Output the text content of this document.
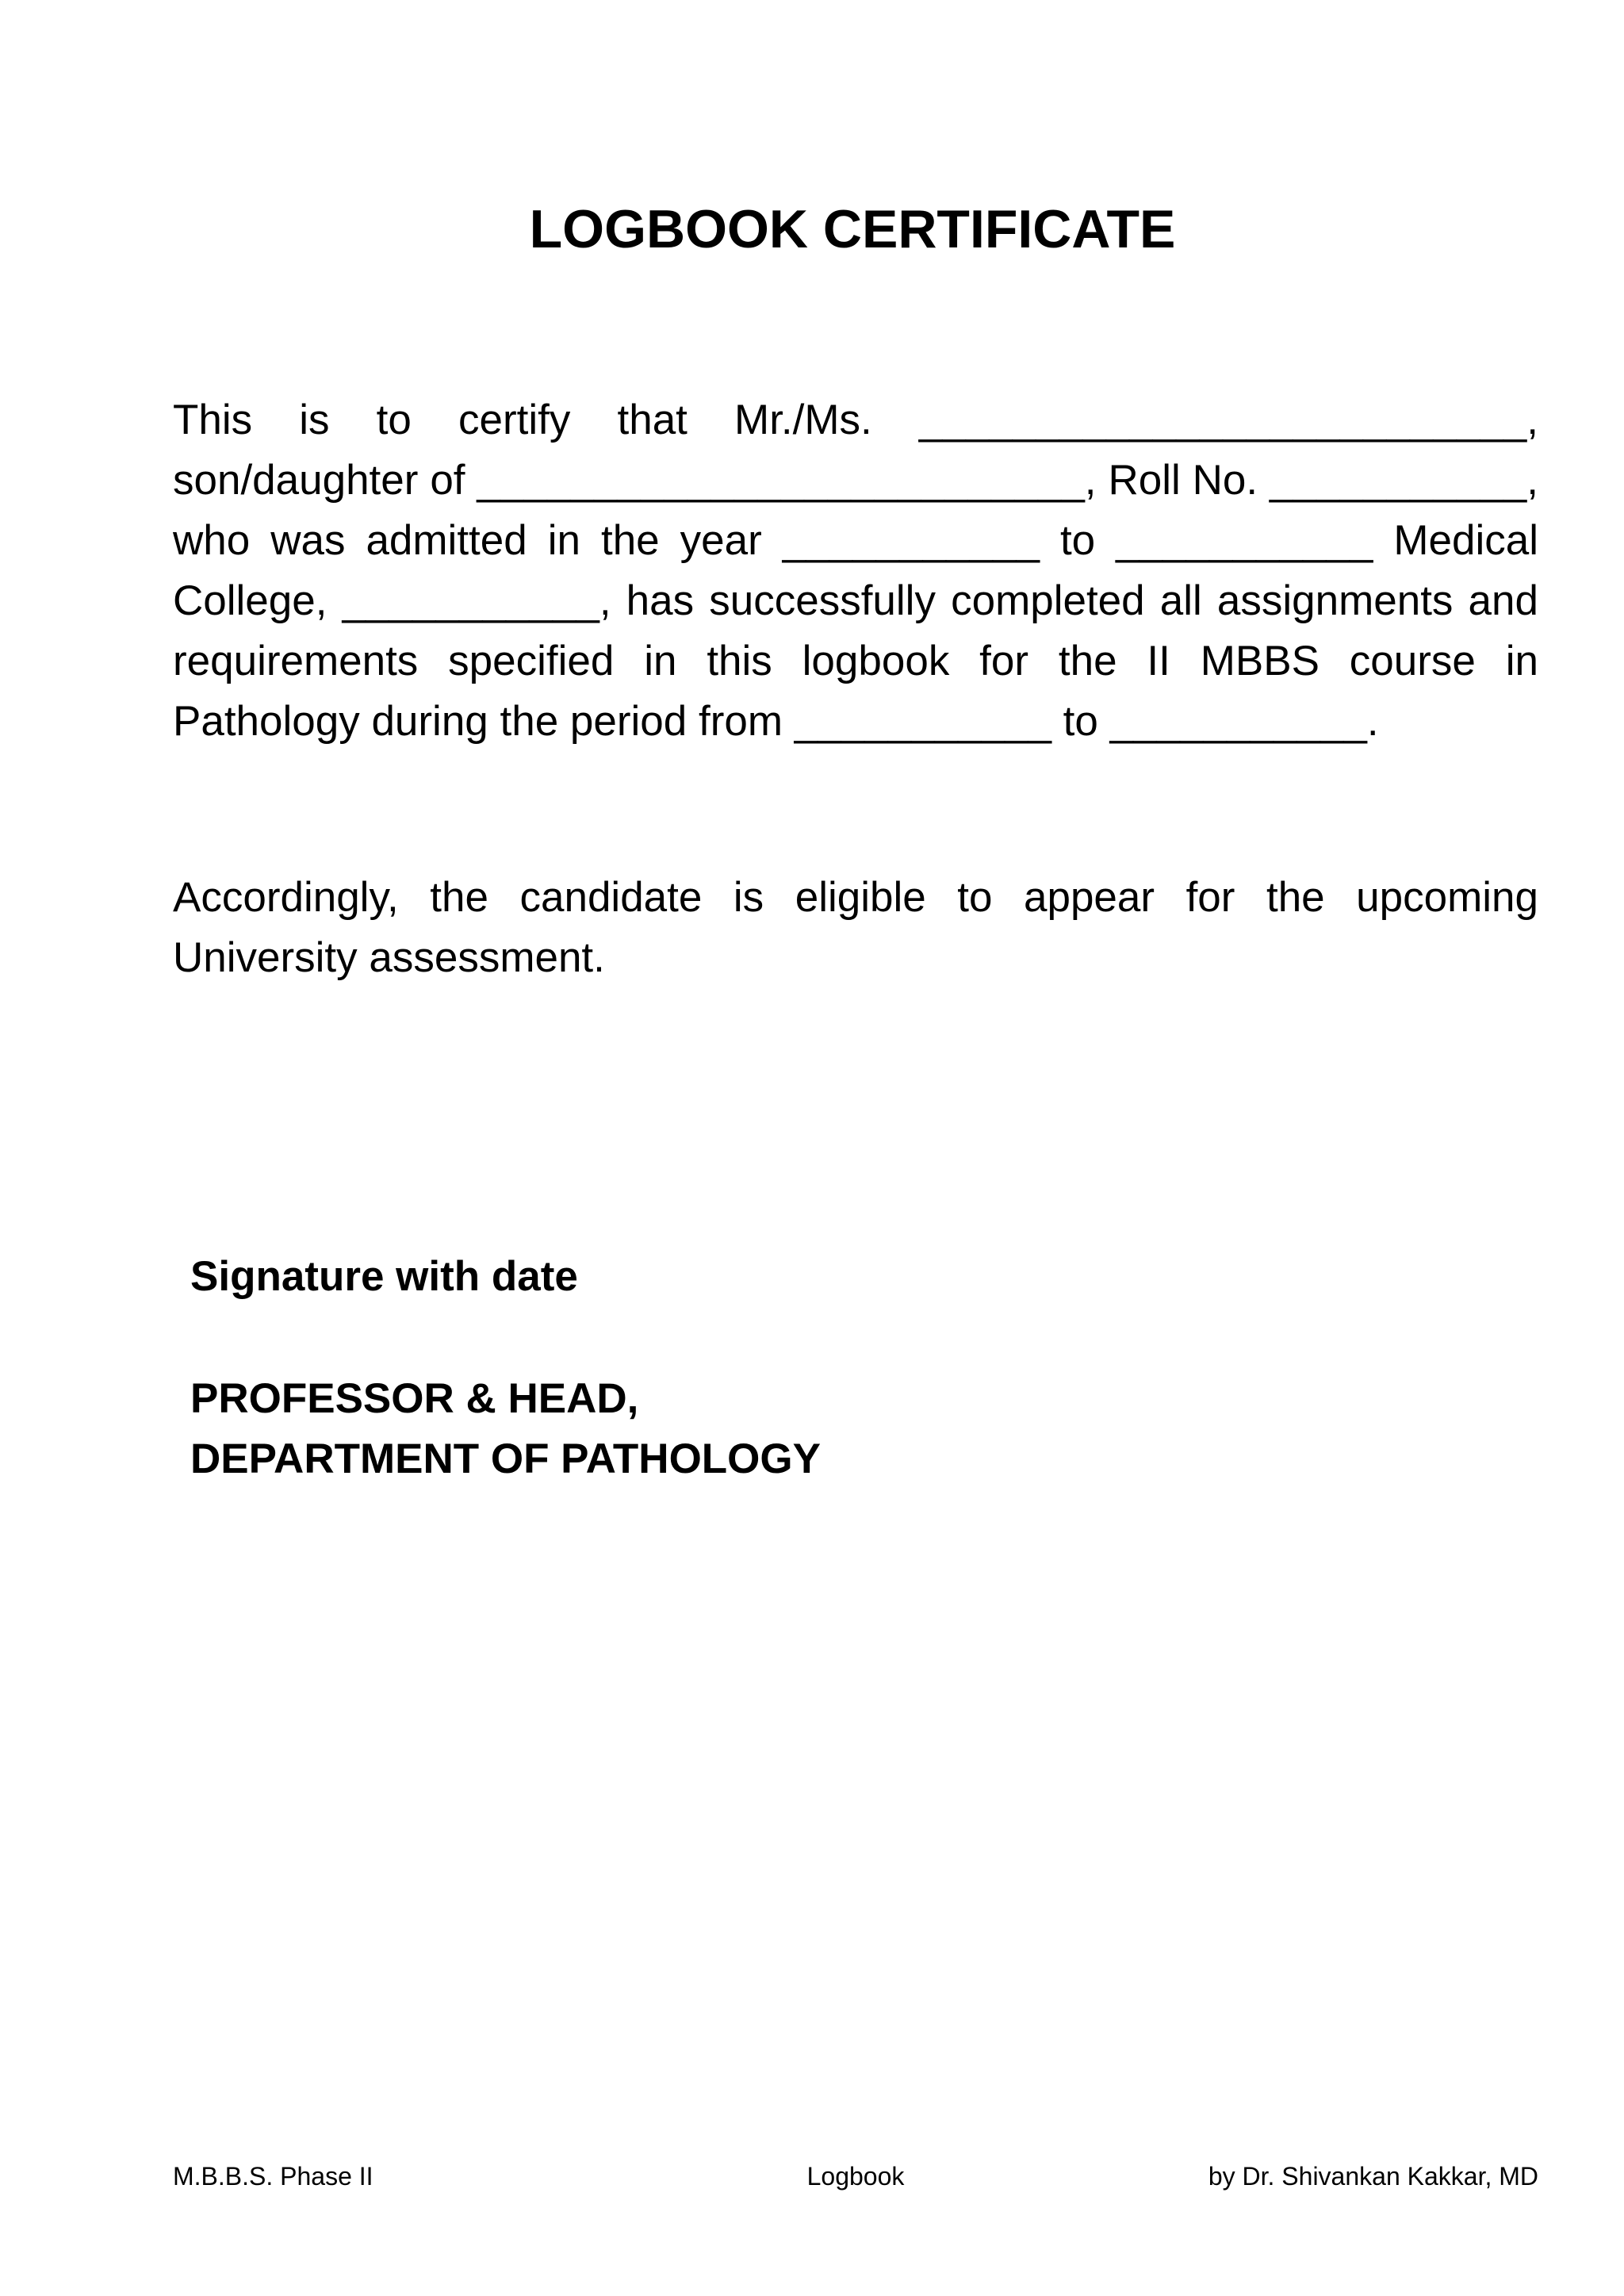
LOGBOOK CERTIFICATE

This is to certify that Mr./Ms. __________________________, son/daughter of __________________________, Roll No. ___________, who was admitted in the year ___________ to ___________ Medical College, ___________, has successfully completed all assignments and requirements specified in this logbook for the II MBBS course in Pathology during the period from ___________ to ___________.

Accordingly, the candidate is eligible to appear for the upcoming University assessment.

Signature with date

PROFESSOR & HEAD,
DEPARTMENT OF PATHOLOGY

M.B.B.S. Phase II	Logbook	by Dr. Shivankan Kakkar, MD
